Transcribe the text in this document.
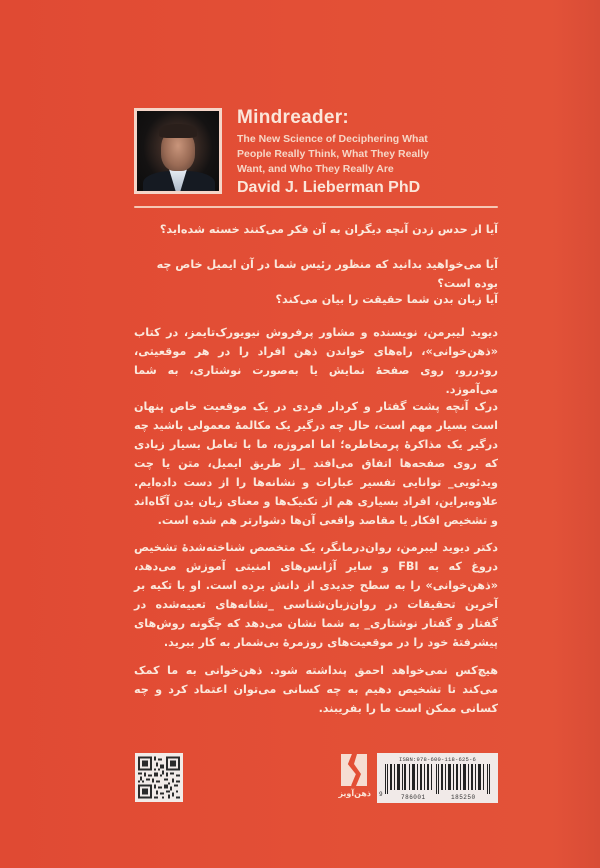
Mindreader:
The New Science of Deciphering What
People Really Think, What They Really
Want, and Who They Really Are
David J. Lieberman PhD
آیا از حدس زدن آنچه دیگران به آن فکر می‌کنند خسته شده‌اید؟
آیا می‌خواهید بدانید که منظور رئیس شما در آن ایمیل خاص چه بوده است؟
آیا زبان بدن شما حقیقت را بیان می‌کند؟
دیوید لیبرمن، نویسنده و مشاور پرفروش نیویورک‌تایمز، در کتاب «ذهن‌خوانی»، راه‌های خواندن ذهن افراد را در هر موقعیتی، رودررو، روی صفحهٔ نمایش یا به‌صورت نوشتاری، به شما می‌آموزد.
درک آنچه پشت گفتار و کردار فردی در یک موقعیت خاص پنهان است بسیار مهم است، حال چه درگیر یک مکالمهٔ معمولی باشید چه درگیر یک مذاکرهٔ پرمخاطره؛ اما امروزه، ما با تعامل بسیار زیادی که روی صفحه‌ها اتفاق می‌افتد _از طریق ایمیل، متن یا چت ویدئویی_ توانایی تفسیر عبارات و نشانه‌ها را از دست داده‌ایم. علاوه‌براین، افراد بسیاری هم از تکنیک‌ها و معنای زبان بدن آگاه‌اند و تشخیص افکار یا مقاصد واقعی آن‌ها دشوارتر هم شده است.
دکتر دیوید لیبرمن، روان‌درمانگر، یک متخصص شناخته‌شدهٔ تشخیص دروغ که به FBI و سایر آژانس‌های امنیتی آموزش می‌دهد، «ذهن‌خوانی» را به سطح جدیدی از دانش برده است. او با تکیه بر آخرین تحقیقات در روان‌زبان‌شناسی _نشانه‌های تعبیه‌شده در گفتار و گفتار نوشتاری_ به شما نشان می‌دهد که چگونه روش‌های پیشرفتهٔ خود را در موقعیت‌های روزمرهٔ بی‌شمار به کار ببرید.
هیچ‌کس نمی‌خواهد احمق پنداشته شود. ذهن‌خوانی به ما کمک می‌کند تا تشخیص دهیم به چه کسانی می‌توان اعتماد کرد و چه کسانی ممکن است ما را بفریبند.
ذهن‌آویز
ISBN:978-600-118-625-6
9	786001	185250
